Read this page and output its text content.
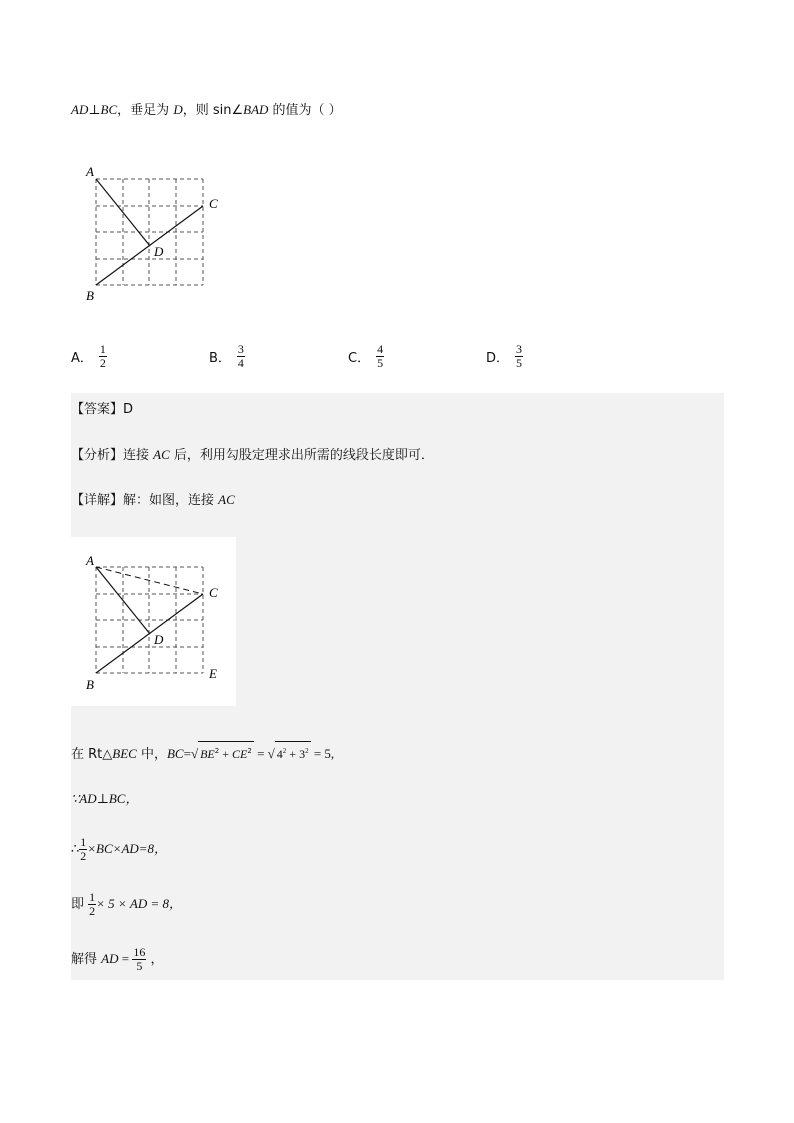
AD⊥BC，垂足为 D，则 sin∠BAD 的值为（ ）
A
B
C
D
A． $\frac{1}{2}$	B． $\frac{3}{4}$	C． $\frac{4}{5}$	D． $\frac{3}{5}$
【答案】D
【分析】连接 AC 后，利用勾股定理求出所需的线段长度即可．
【详解】解：如图，连接 AC
A
B
C
D
E
在 Rt△BEC 中，BC=√ $BE^2 + CE^2$ = √ $4^2 + 3^2 = 5$,
∵AD⊥BC，
∴ $\frac{1}{2} \times BC\times AD=8$，
即 $\frac{1}{2} \times 5$ × AD = 8，
解得 AD = $\frac{16}{5}$ ，
